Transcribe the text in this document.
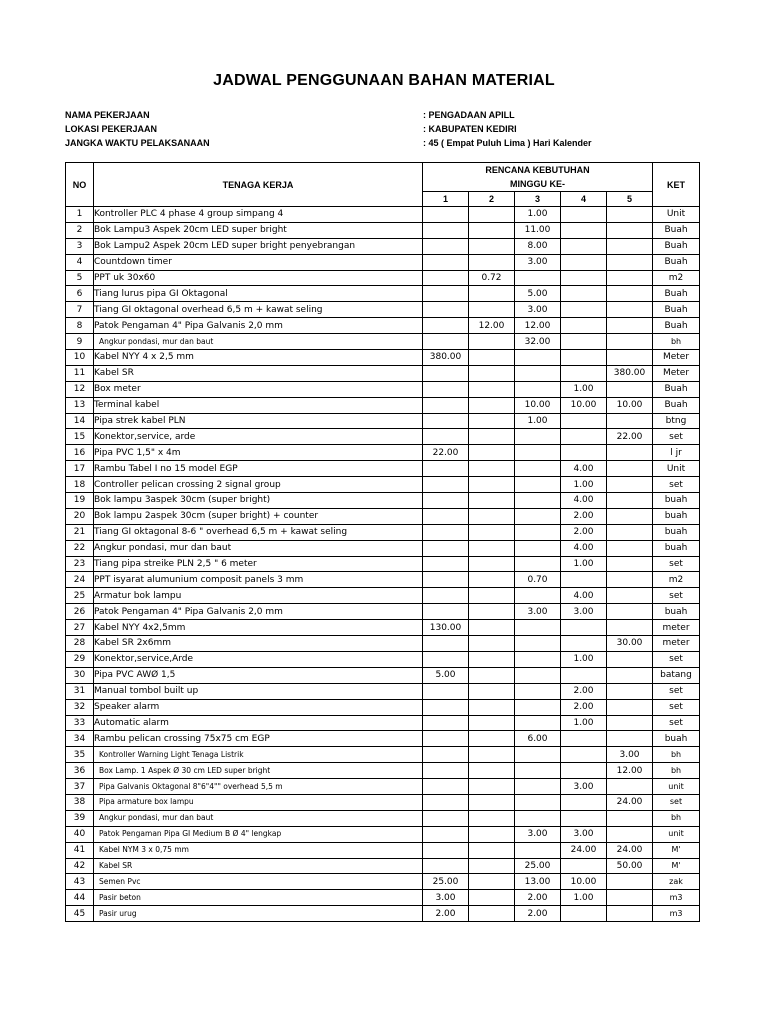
JADWAL PENGGUNAAN BAHAN MATERIAL
NAMA PEKERJAAN	: PENGADAAN APILL
LOKASI PEKERJAAN	: KABUPATEN KEDIRI
JANGKA WAKTU PELAKSANAAN	: 45 ( Empat Puluh Lima ) Hari Kalender
NO	TENAGA KERJA	RENCANA KEBUTUHAN					KET
		MINGGU KE-					
		1	2	3	4	5	
1	Kontroller PLC 4 phase 4 group simpang 4			1.00			Unit
2	Bok Lampu3 Aspek 20cm LED super bright			11.00			Buah
3	Bok Lampu2 Aspek 20cm LED super bright penyebrangan			8.00			Buah
4	Countdown timer			3.00			Buah
5	PPT uk 30x60		0.72				m2
6	Tiang lurus pipa GI Oktagonal			5.00			Buah
7	Tiang GI oktagonal overhead 6,5 m + kawat seling			3.00			Buah
8	Patok Pengaman 4" Pipa Galvanis 2,0 mm		12.00	12.00			Buah
9	Angkur pondasi, mur dan baut			32.00			bh
10	Kabel NYY 4 x 2,5 mm	380.00					Meter
11	Kabel SR					380.00	Meter
12	Box meter				1.00		Buah
13	Terminal kabel			10.00	10.00	10.00	Buah
14	Pipa strek kabel PLN			1.00			btng
15	Konektor,service, arde					22.00	set
16	Pipa PVC 1,5" x 4m	22.00					l jr
17	Rambu Tabel I no 15 model EGP				4.00		Unit
18	Controller pelican crossing 2 signal group				1.00		set
19	Bok lampu 3aspek 30cm (super bright)				4.00		buah
20	Bok lampu 2aspek 30cm (super bright) + counter				2.00		buah
21	Tiang GI oktagonal 8-6 " overhead 6,5 m + kawat seling				2.00		buah
22	Angkur pondasi, mur dan baut				4.00		buah
23	Tiang pipa streike PLN 2,5 " 6 meter				1.00		set
24	PPT isyarat alumunium composit panels 3 mm			0.70			m2
25	Armatur bok lampu				4.00		set
26	Patok Pengaman 4" Pipa Galvanis 2,0 mm			3.00	3.00		buah
27	Kabel NYY 4x2,5mm	130.00					meter
28	Kabel SR 2x6mm					30.00	meter
29	Konektor,service,Arde				1.00		set
30	Pipa PVC AWØ 1,5	5.00					batang
31	Manual tombol built up				2.00		set
32	Speaker alarm				2.00		set
33	Automatic alarm				1.00		set
34	Rambu pelican crossing 75x75 cm EGP			6.00			buah
35	Kontroller Warning Light Tenaga Listrik					3.00	bh
36	Box Lamp. 1 Aspek Ø 30 cm LED super bright					12.00	bh
37	Pipa Galvanis Oktagonal 8"6"4"" overhead 5,5 m				3.00		unit
38	Pipa armature box lampu					24.00	set
39	Angkur pondasi, mur dan baut						bh
40	Patok Pengaman Pipa GI Medium B Ø 4" lengkap			3.00	3.00		unit
41	Kabel NYM 3 x 0,75 mm				24.00	24.00	M'
42	Kabel SR			25.00		50.00	M'
43	Semen Pvc	25.00		13.00	10.00		zak
44	Pasir beton	3.00		2.00	1.00		m3
45	Pasir urug	2.00		2.00			m3
